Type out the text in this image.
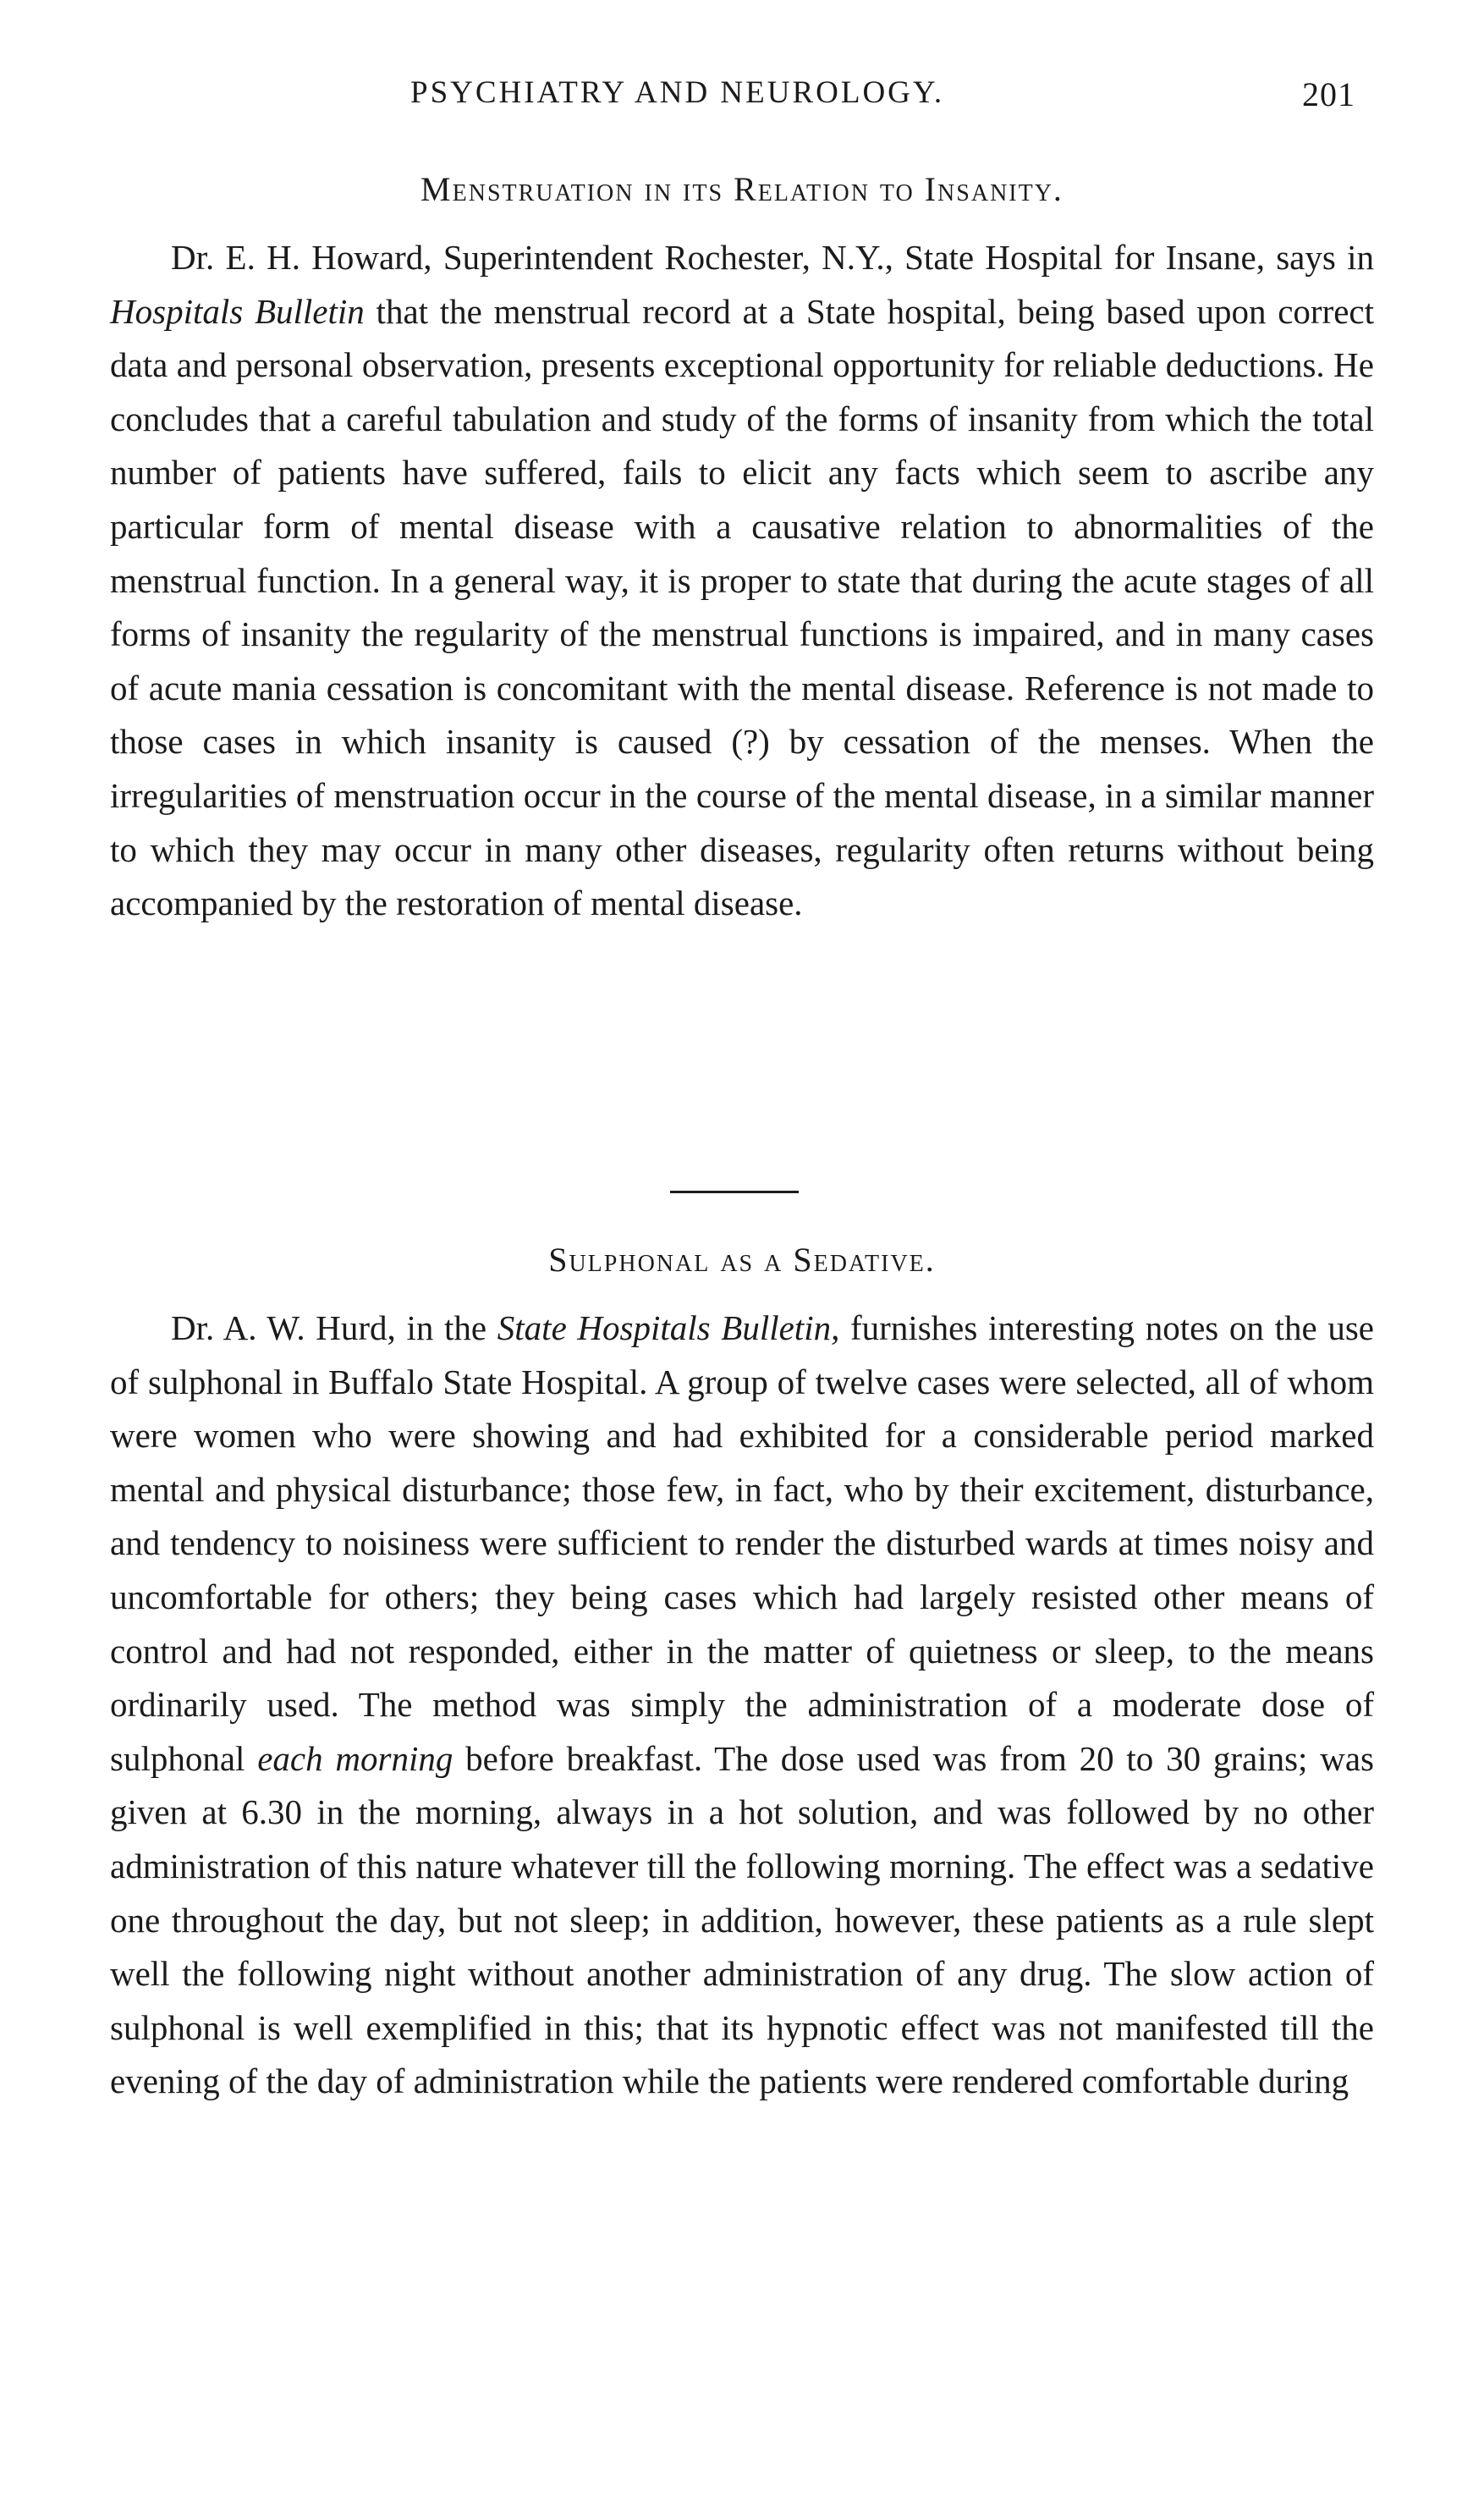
PSYCHIATRY AND NEUROLOGY.	201
Menstruation in its Relation to Insanity.

Dr. E. H. Howard, Superintendent Rochester, N.Y., State Hospital for Insane, says in Hospitals Bulletin that the menstrual record at a State hospital, being based upon correct data and personal observation, presents exceptional opportunity for reliable deductions. He concludes that a careful tabulation and study of the forms of insanity from which the total number of patients have suffered, fails to elicit any facts which seem to ascribe any particular form of mental disease with a causative relation to abnormalities of the menstrual function. In a general way, it is proper to state that during the acute stages of all forms of insanity the regularity of the menstrual functions is impaired, and in many cases of acute mania cessation is concomitant with the mental disease. Reference is not made to those cases in which insanity is caused (?) by cessation of the menses. When the irregularities of menstruation occur in the course of the mental disease, in a similar manner to which they may occur in many other diseases, regularity often returns without being accompanied by the restoration of mental disease.

Sulphonal as a Sedative.

Dr. A. W. Hurd, in the State Hospitals Bulletin, furnishes interesting notes on the use of sulphonal in Buffalo State Hospital. A group of twelve cases were selected, all of whom were women who were showing and had exhibited for a considerable period marked mental and physical disturbance; those few, in fact, who by their excitement, disturbance, and tendency to noisiness were sufficient to render the disturbed wards at times noisy and uncomfortable for others; they being cases which had largely resisted other means of control and had not responded, either in the matter of quietness or sleep, to the means ordinarily used. The method was simply the administration of a moderate dose of sulphonal each morning before breakfast. The dose used was from 20 to 30 grains; was given at 6.30 in the morning, always in a hot solution, and was followed by no other administration of this nature whatever till the following morning. The effect was a sedative one throughout the day, but not sleep; in addition, however, these patients as a rule slept well the following night without another administration of any drug. The slow action of sulphonal is well exemplified in this; that its hypnotic effect was not manifested till the evening of the day of administration while the patients were rendered comfortable during
